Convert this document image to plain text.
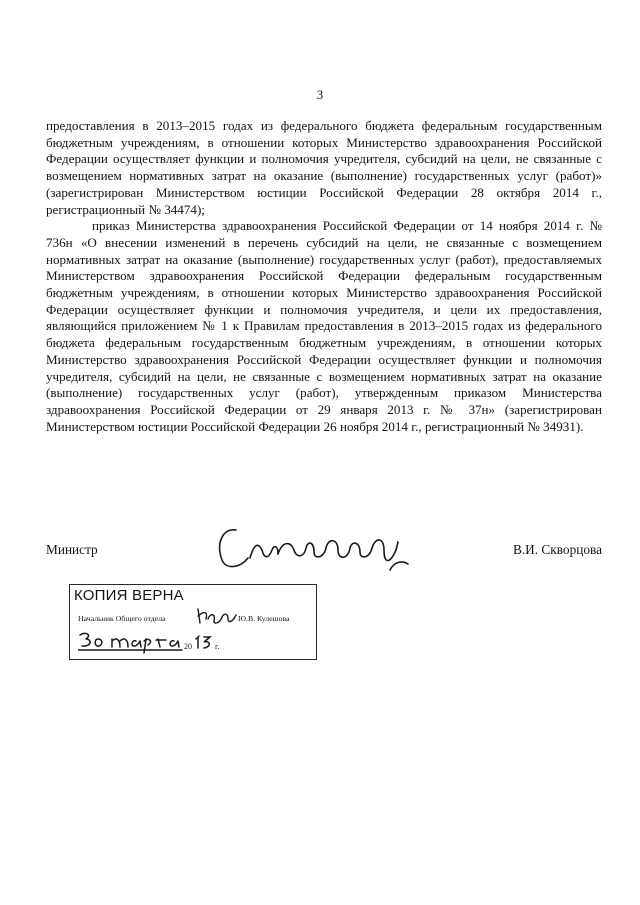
3

предоставления в 2013–2015 годах из федерального бюджета федеральным государственным бюджетным учреждениям, в отношении которых Министерство здравоохранения Российской Федерации осуществляет функции и полномочия учредителя, субсидий на цели, не связанные с возмещением нормативных затрат на оказание (выполнение) государственных услуг (работ)» (зарегистрирован Министерством юстиции Российской Федерации 28 октября 2014 г., регистрационный № 34474);

приказ Министерства здравоохранения Российской Федерации от 14 ноября 2014 г. № 736н «О внесении изменений в перечень субсидий на цели, не связанные с возмещением нормативных затрат на оказание (выполнение) государственных услуг (работ), предоставляемых Министерством здравоохранения Российской Федерации федеральным государственным бюджетным учреждениям, в отношении которых Министерство здравоохранения Российской Федерации осуществляет функции и полномочия учредителя, и цели их предоставления, являющийся приложением № 1 к Правилам предоставления в 2013–2015 годах из федерального бюджета федеральным государственным бюджетным учреждениям, в отношении которых Министерство здравоохранения Российской Федерации осуществляет функции и полномочия учредителя, субсидий на цели, не связанные с возмещением нормативных затрат на оказание (выполнение) государственных услуг (работ), утвержденным приказом Министерства здравоохранения Российской Федерации от 29 января 2013 г. № 37н» (зарегистрирован Министерством юстиции Российской Федерации 26 ноября 2014 г., регистрационный № 34931).

Министр	В.И. Скворцова
КОПИЯ ВЕРНА
Начальник Общего отдела	Ю.В. Кулешова
20	г.
